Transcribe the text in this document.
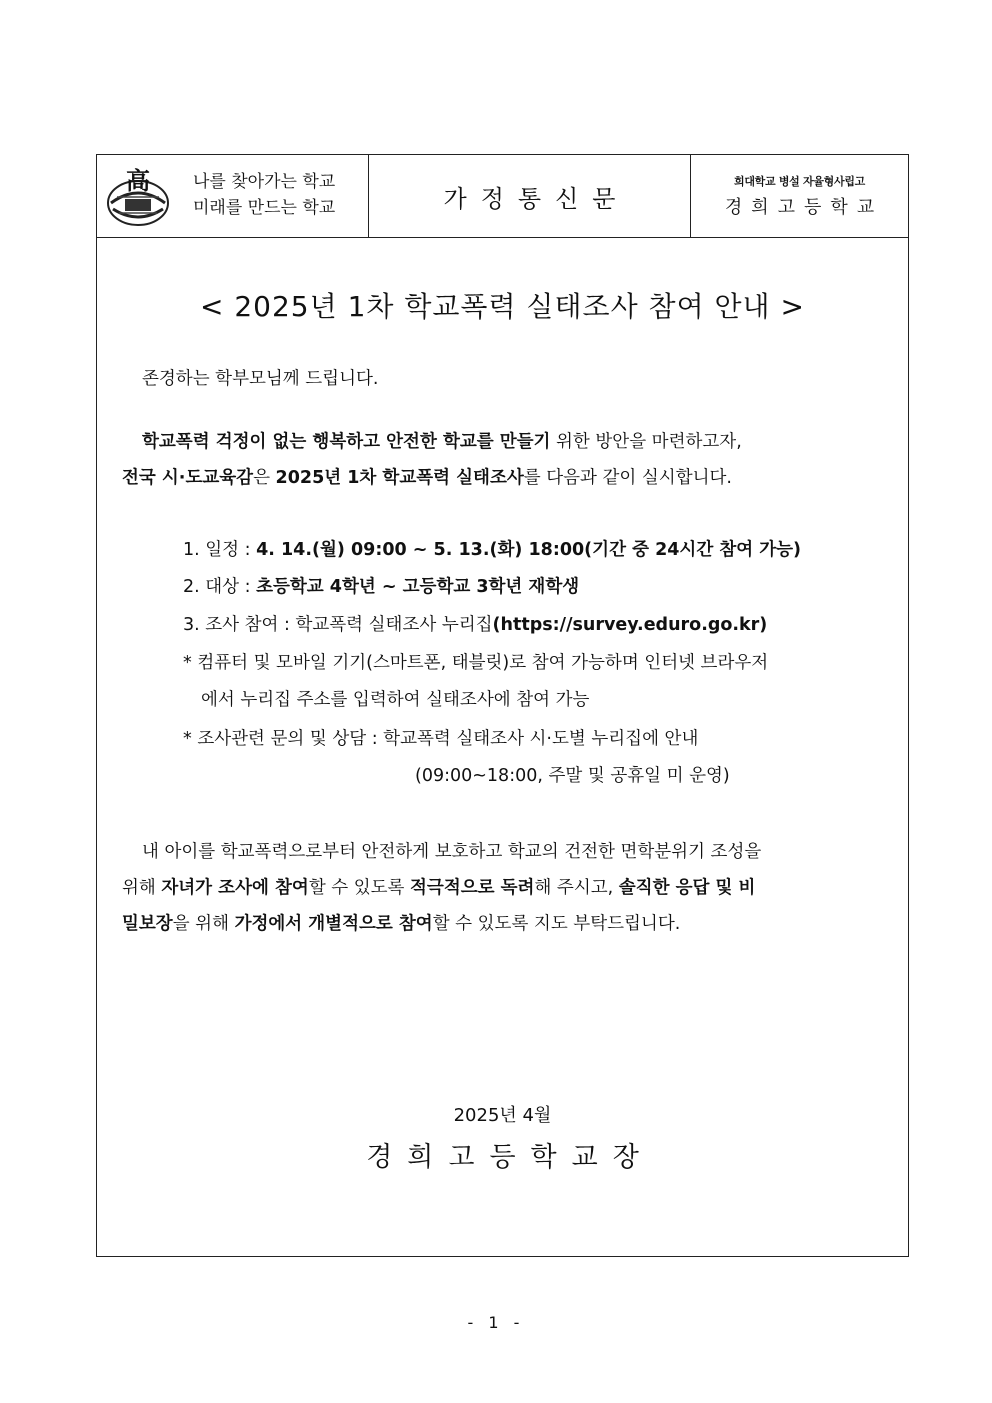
高	나를 찾아가는 학교
미래를 만드는 학교	가정통신문
희대학교 병설 자율형사립고
경희고등학교
< 2025년 1차 학교폭력 실태조사 참여 안내 >
존경하는 학부모님께 드립니다.
학교폭력 걱정이 없는 행복하고 안전한 학교를 만들기 위한 방안을 마련하고자,
전국 시·도교육감은 2025년 1차 학교폭력 실태조사를 다음과 같이 실시합니다.
1. 일정 : 4. 14.(월) 09:00 ~ 5. 13.(화) 18:00(기간 중 24시간 참여 가능)
2. 대상 : 초등학교 4학년 ~ 고등학교 3학년 재학생
3. 조사 참여 : 학교폭력 실태조사 누리집(https://survey.eduro.go.kr)
* 컴퓨터 및 모바일 기기(스마트폰, 태블릿)로 참여 가능하며 인터넷 브라우저
에서 누리집 주소를 입력하여 실태조사에 참여 가능
* 조사관련 문의 및 상담 : 학교폭력 실태조사 시·도별 누리집에 안내
(09:00~18:00, 주말 및 공휴일 미 운영)
내 아이를 학교폭력으로부터 안전하게 보호하고 학교의 건전한 면학분위기 조성을
위해 자녀가 조사에 참여할 수 있도록 적극적으로 독려해 주시고, 솔직한 응답 및 비
밀보장을 위해 가정에서 개별적으로 참여할 수 있도록 지도 부탁드립니다.
2025년 4월
경희고등학교장
- 1 -
